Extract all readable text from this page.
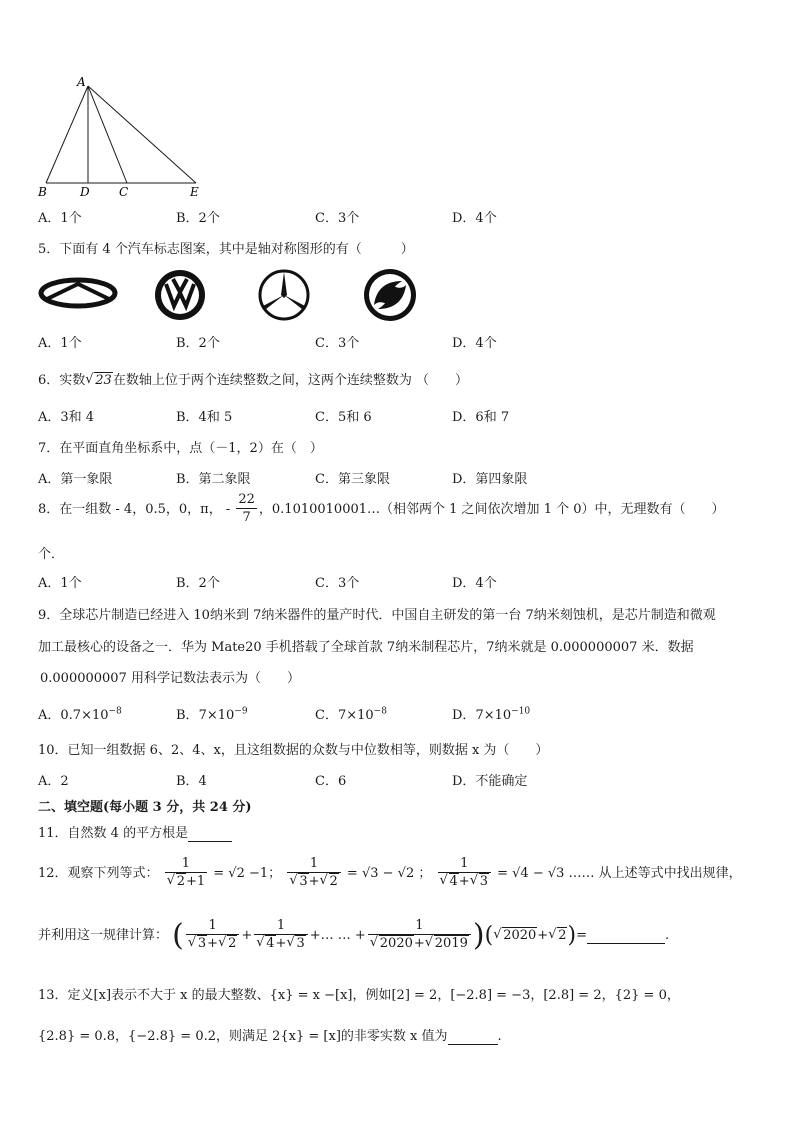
A
B	D C	E
A．1个	B．2个	C．3个	D．4个
5．下面有 4 个汽车标志图案，其中是轴对称图形的有（　　　）
A．1个	B．2个	C．3个	D．4个
6．实数 √ 23在数轴上位于两个连续整数之间，这两个连续整数为 （　　）
A．3和 4	B．4和 5	C．5和 6	D．6和 7
7．在平面直角坐标系中，点（－1，2）在（　）
A．第一象限	B．第二象限	C．第三象限	D．第四象限
8．在一组数 - 4，0.5，0，π， - $\frac{22}{7}$ ，0.1010010001…（相邻两个 1 之间依次增加 1 个 0）中，无理数有（　　）
个．
A．1个	B．2个	C．3个	D．4个
9．全球芯片制造已经进入 10纳米到 7纳米器件的量产时代．中国自主研发的第一台 7纳米刻蚀机，是芯片制造和微观
加工最核心的设备之一．华为 Mate20 手机搭载了全球首款 7纳米制程芯片，7纳米就是 0.000000007 米．数据
0.000000007 用科学记数法表示为（　　）
A．$0.7\times 10^{-8}$	B．$7\times 10^{-9}$	C．$7\times 10^{-8}$	D．$7\times 10^{-10}$
10．已知一组数据 6、2、4、x，且这组数据的众数与中位数相等，则数据 x 为（　　）
A．2	B．4	C．6	D．不能确定
二、填空题(每小题 3 分，共 24 分)
11．自然数 4 的平方根是
12．观察下列等式： 1
√ 2+1 = √2 −1； 1
√ 3+ √ 2 = √3 − √2 ； 1
√ 4+ √ 3 = √4 − √3 …… 从上述等式中找出规律，
并利用这一规律计算： ( 1
√ 3+ √ 2 + 1
√ 4+ √ 3 +… … + 1
√ 2020+ √ 2019 )( √ 2020+ √ 2)=	.
13．定义[x]表示不大于 x 的最大整数、{x} = x −[x]，例如[2] = 2，[−2.8] = −3，[2.8] = 2，{2} = 0，
{2.8} = 0.8，{−2.8} = 0.2，则满足 2{x} = [x]的非零实数 x 值为	.
